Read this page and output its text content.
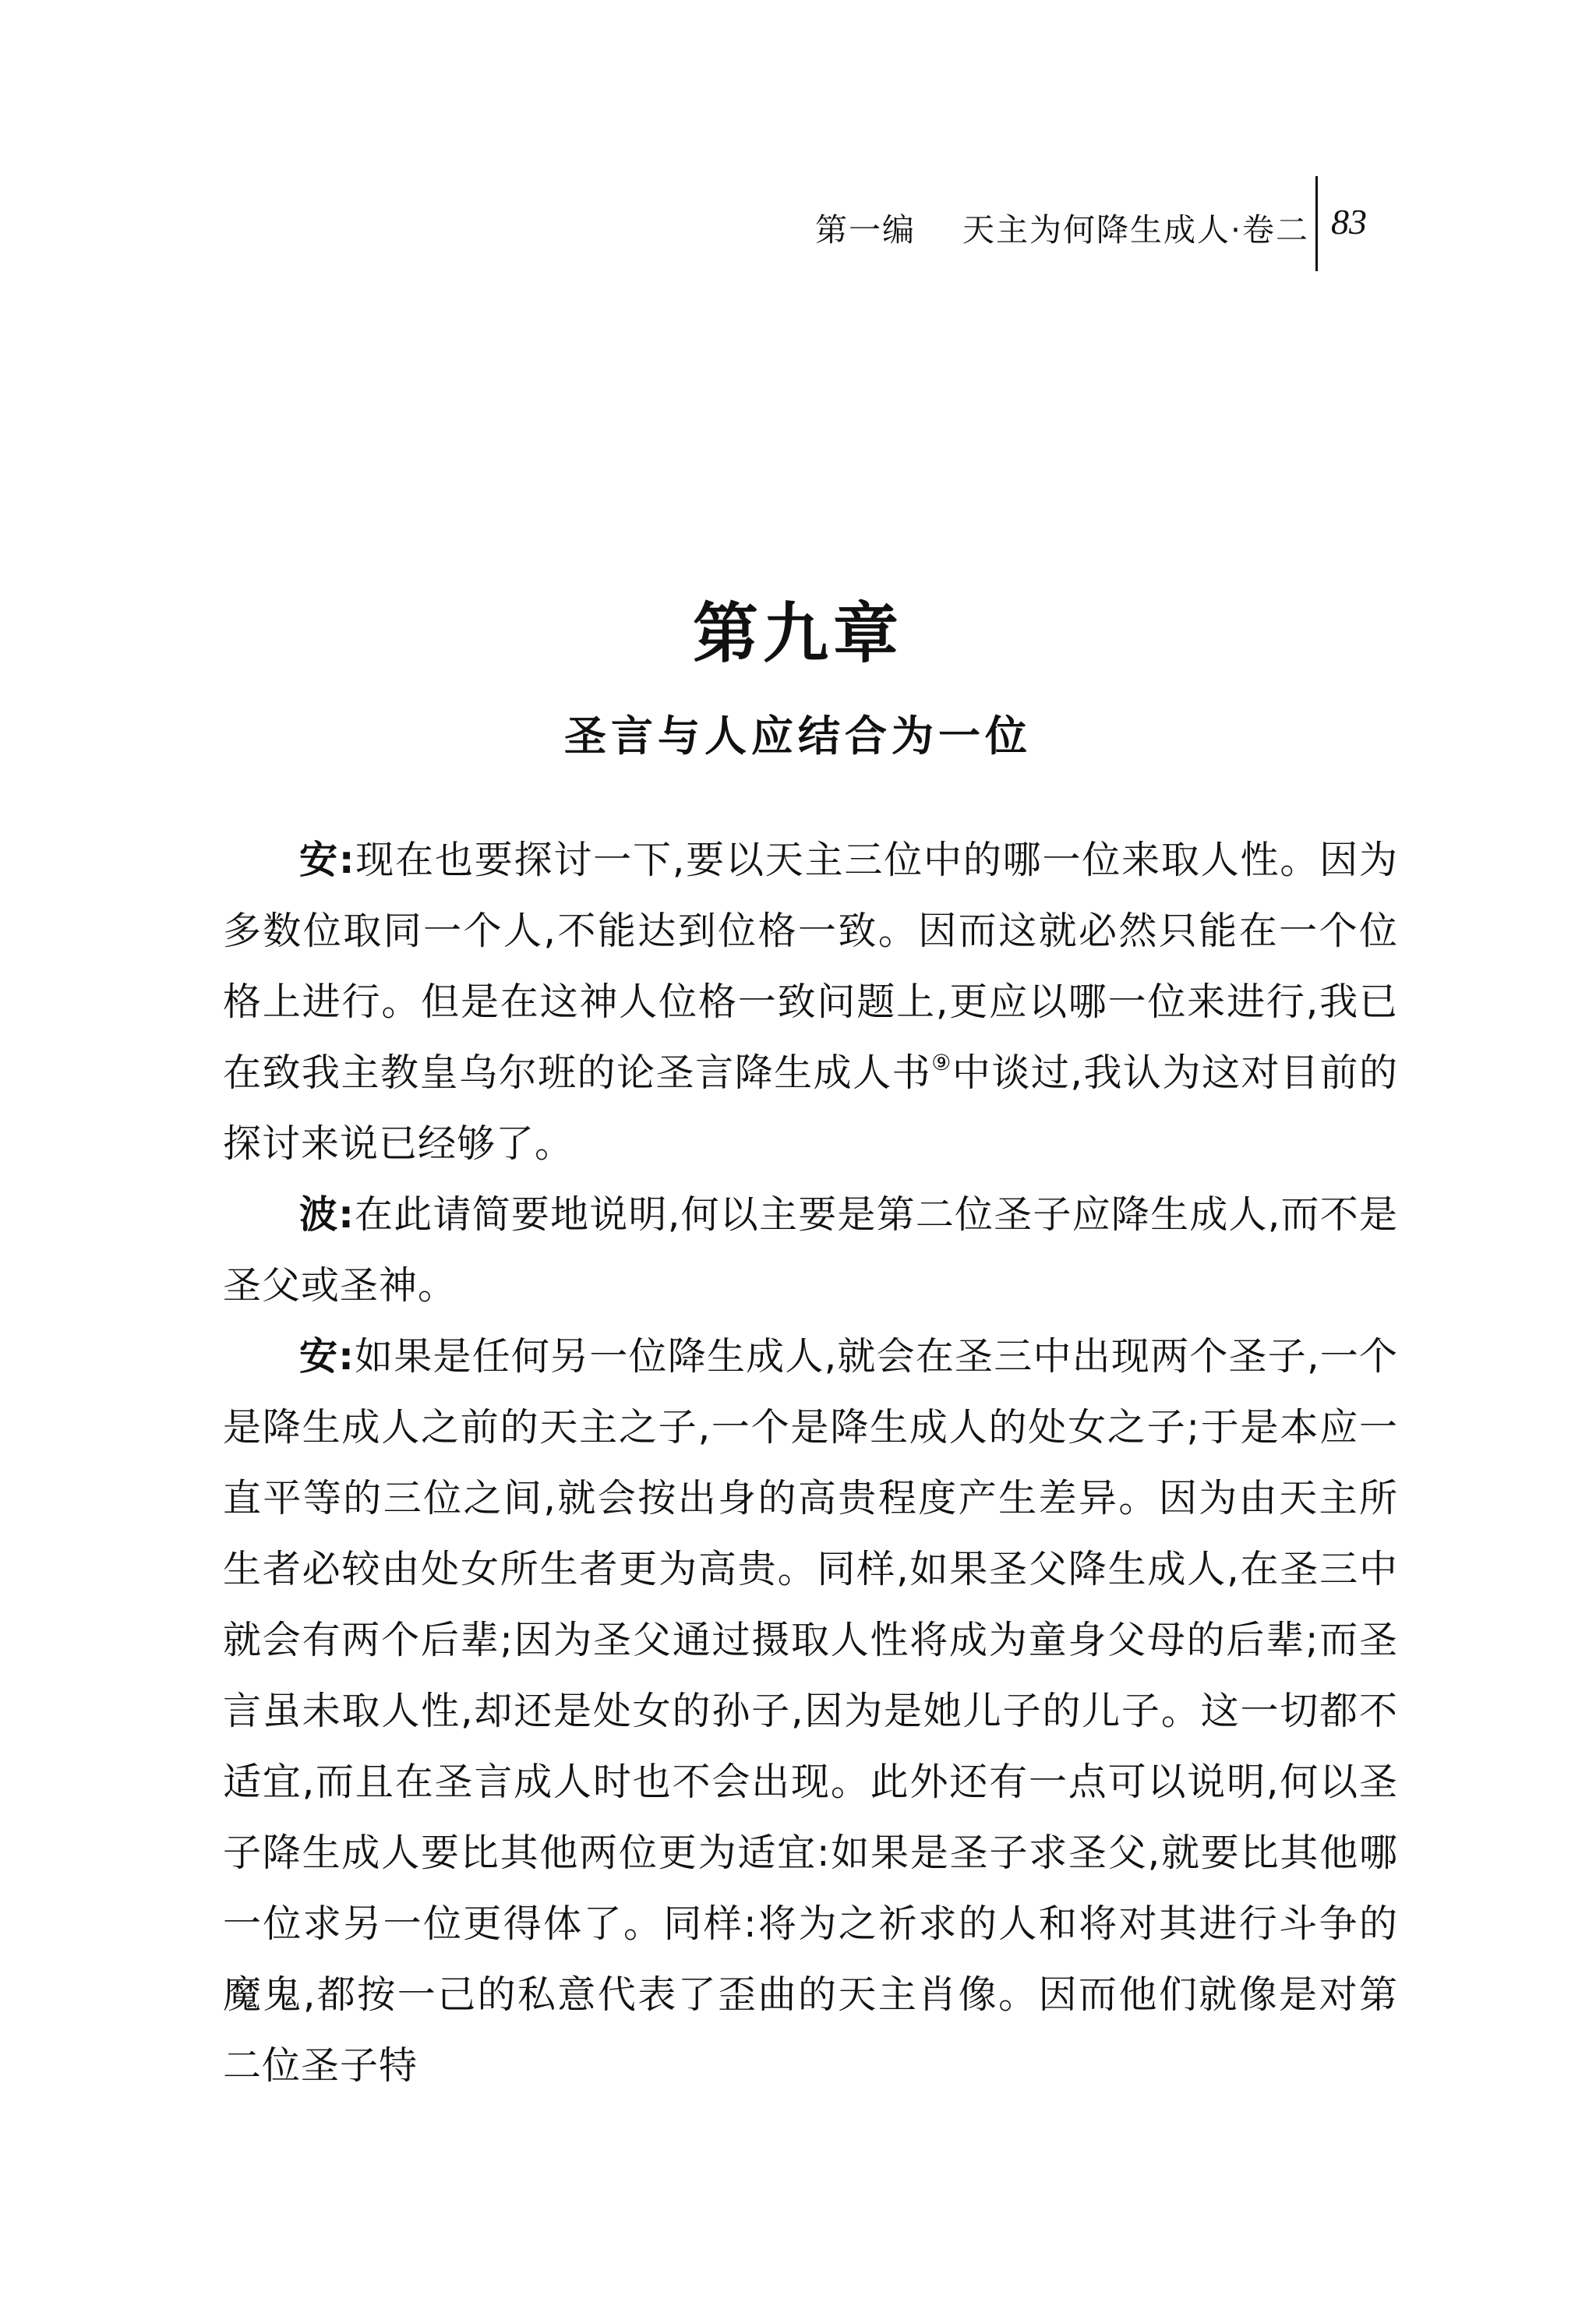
第一编 天主为何降生成人·卷二 83
第九章
圣言与人应结合为一位

安:现在也要探讨一下,要以天主三位中的哪一位来取人性。因为多数位取同一个人,不能达到位格一致。因而这就必然只能在一个位格上进行。但是在这神人位格一致问题上,更应以哪一位来进行,我已在致我主教皇乌尔班的论圣言降生成人书⑨中谈过,我认为这对目前的探讨来说已经够了。

波:在此请简要地说明,何以主要是第二位圣子应降生成人,而不是圣父或圣神。

安:如果是任何另一位降生成人,就会在圣三中出现两个圣子,一个是降生成人之前的天主之子,一个是降生成人的处女之子;于是本应一直平等的三位之间,就会按出身的高贵程度产生差异。因为由天主所生者必较由处女所生者更为高贵。同样,如果圣父降生成人,在圣三中就会有两个后辈;因为圣父通过摄取人性将成为童身父母的后辈;而圣言虽未取人性,却还是处女的孙子,因为是她儿子的儿子。这一切都不适宜,而且在圣言成人时也不会出现。此外还有一点可以说明,何以圣子降生成人要比其他两位更为适宜:如果是圣子求圣父,就要比其他哪一位求另一位更得体了。同样:将为之祈求的人和将对其进行斗争的魔鬼,都按一己的私意代表了歪曲的天主肖像。因而他们就像是对第二位圣子特
